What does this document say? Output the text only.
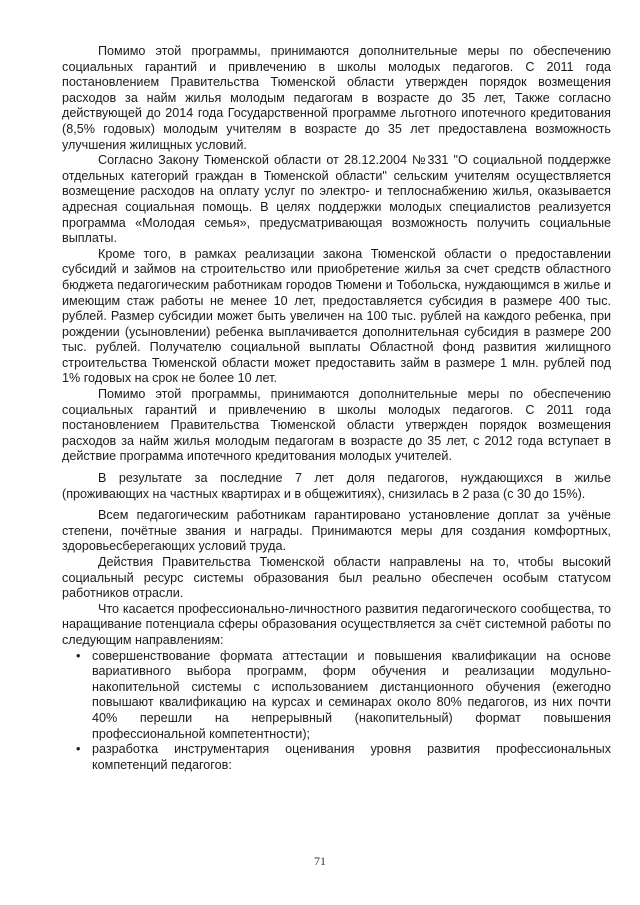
Помимо этой программы, принимаются дополнительные меры по обеспечению социальных гарантий и привлечению в школы молодых педагогов. С 2011 года постановлением Правительства Тюменской области утвержден порядок возмещения расходов за найм жилья молодым педагогам в возрасте до 35 лет, Также согласно действующей до 2014 года Государственной программе льготного ипотечного кредитования (8,5% годовых) молодым учителям в возрасте до 35 лет предоставлена возможность улучшения жилищных условий.

Согласно Закону Тюменской области от 28.12.2004 №331 "О социальной поддержке отдельных категорий граждан в Тюменской области" сельским учителям осуществляется возмещение расходов на оплату услуг по электро- и теплоснабжению жилья, оказывается адресная социальная помощь. В целях поддержки молодых специалистов реализуется программа «Молодая семья», предусматривающая возможность получить социальные выплаты.

Кроме того, в рамках реализации закона Тюменской области о предоставлении субсидий и займов на строительство или приобретение жилья за счет средств областного бюджета педагогическим работникам городов Тюмени и Тобольска, нуждающимся в жилье и имеющим стаж работы не менее 10 лет, предоставляется субсидия в размере 400 тыс. рублей. Размер субсидии может быть увеличен на 100 тыс. рублей на каждого ребенка, при рождении (усыновлении) ребенка выплачивается дополнительная субсидия в размере 200 тыс. рублей. Получателю социальной выплаты Областной фонд развития жилищного строительства Тюменской области может предоставить займ в размере 1 млн. рублей под 1% годовых на срок не более 10 лет.

Помимо этой программы, принимаются дополнительные меры по обеспечению социальных гарантий и привлечению в школы молодых педагогов. С 2011 года постановлением Правительства Тюменской области утвержден порядок возмещения расходов за найм жилья молодым педагогам в возрасте до 35 лет, с 2012 года вступает в действие программа ипотечного кредитования молодых учителей.

В результате за последние 7 лет доля педагогов, нуждающихся в жилье (проживающих на частных квартирах и в общежитиях), снизилась в 2 раза (с 30 до 15%).

Всем педагогическим работникам гарантировано установление доплат за учёные степени, почётные звания и награды. Принимаются меры для создания комфортных, здоровьесберегающих условий труда.

Действия Правительства Тюменской области направлены на то, чтобы высокий социальный ресурс системы образования был реально обеспечен особым статусом работников отрасли.

Что касается профессионально-личностного развития педагогического сообщества, то наращивание потенциала сферы образования осуществляется за счёт системной работы по следующим направлениям:

• совершенствование формата аттестации и повышения квалификации на основе вариативного выбора программ, форм обучения и реализации модульно-накопительной системы с использованием дистанционного обучения (ежегодно повышают квалификацию на курсах и семинарах около 80% педагогов, из них почти 40% перешли на непрерывный (накопительный) формат повышения профессиональной компетентности);
• разработка инструментария оценивания уровня развития профессиональных компетенций педагогов:
71
